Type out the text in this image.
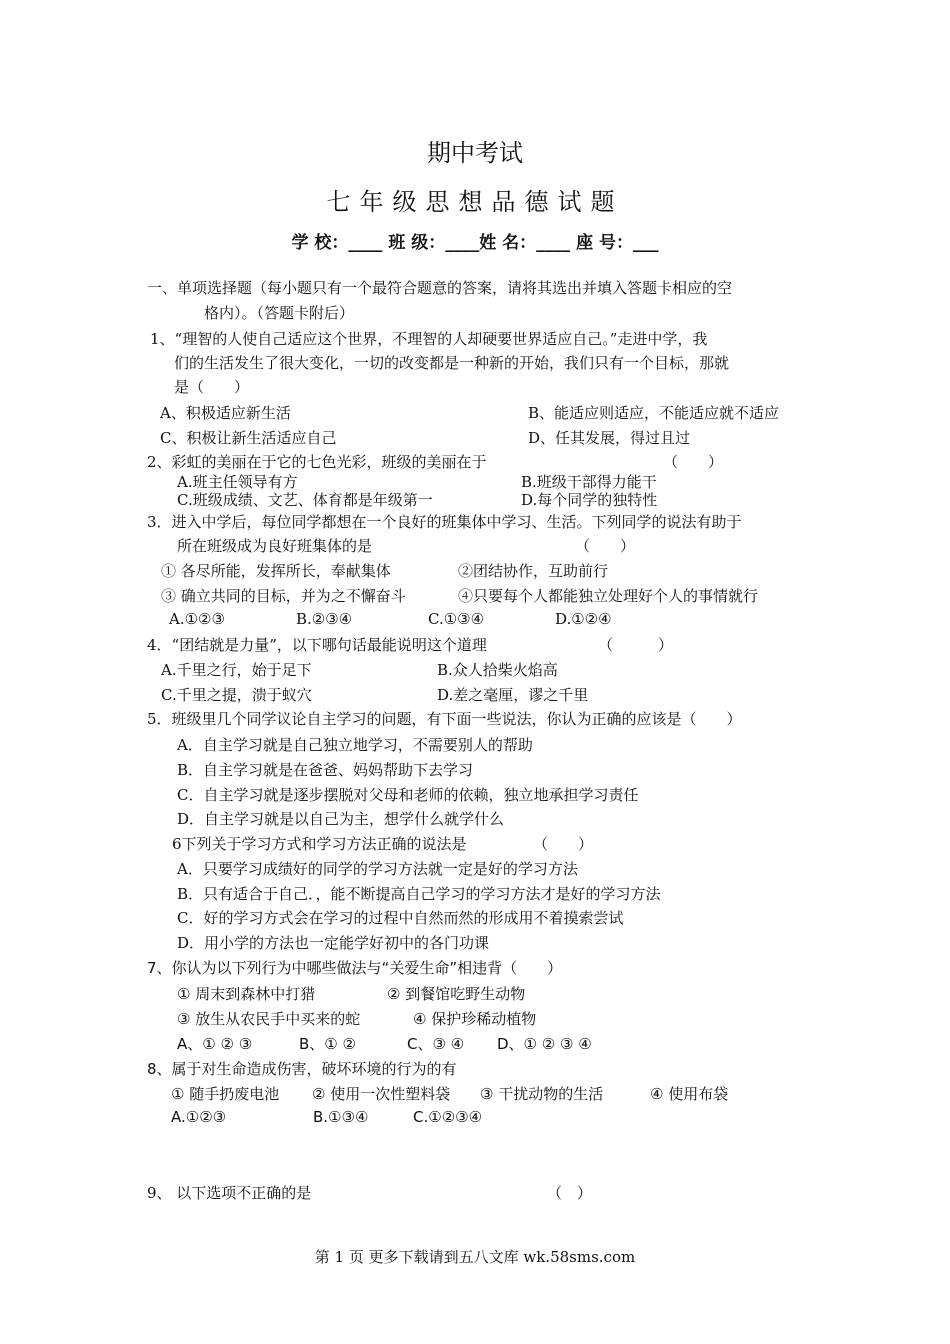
期中考试
七年级思想品德试题
学 校：____ 班 级：____姓 名：____ 座 号：___
一、单项选择题（每小题只有一个最符合题意的答案，请将其选出并填入答题卡相应的空
格内）。（答题卡附后）
1、“理智的人使自己适应这个世界，不理智的人却硬要世界适应自己。”走进中学，我
们的生活发生了很大变化，一切的改变都是一种新的开始，我们只有一个目标，那就
是（　　）
A、积极适应新生活	B、能适应则适应，不能适应就不适应
C、积极让新生活适应自己	D、任其发展，得过且过
2、彩虹的美丽在于它的七色光彩，班级的美丽在于	（　　）
A.班主任领导有方	B.班级干部得力能干
C.班级成绩、文艺、体育都是年级第一	D.每个同学的独特性
3．进入中学后，每位同学都想在一个良好的班集体中学习、生活。下列同学的说法有助于
所在班级成为良好班集体的是	（　　）
① 各尽所能，发挥所长，奉献集体	②团结协作，互助前行
③ 确立共同的目标，并为之不懈奋斗	④只要每个人都能独立处理好个人的事情就行
A.①②③	B.②③④	C.①③④	D.①②④
4．“团结就是力量”，以下哪句话最能说明这个道理	（　　　）
A.千里之行，始于足下	B.众人拾柴火焰高
C.千里之提，溃于蚁穴	D.差之毫厘，谬之千里
5．班级里几个同学议论自主学习的问题，有下面一些说法，你认为正确的应该是（　　）
A．自主学习就是自己独立地学习，不需要别人的帮助
B．自主学习就是在爸爸、妈妈帮助下去学习
C．自主学习就是逐步摆脱对父母和老师的依赖，独立地承担学习责任
D．自主学习就是以自己为主，想学什么就学什么
6下列关于学习方式和学习方法正确的说法是	（　　）
A．只要学习成绩好的同学的学习方法就一定是好的学习方法
B．只有适合于自己．，能不断提高自己学习的学习方法才是好的学习方法
C．好的学习方式会在学习的过程中自然而然的形成用不着摸索尝试
D．用小学的方法也一定能学好初中的各门功课
7、你认为以下列行为中哪些做法与“关爱生命”相违背（　　）
① 周末到森林中打猎	② 到餐馆吃野生动物
③ 放生从农民手中买来的蛇	④ 保护珍稀动植物
A、① ② ③	B、① ②	C、③ ④ D、① ② ③ ④
8、属于对生命造成伤害，破坏环境的行为的有
① 随手扔废电池 ② 使用一次性塑料袋 ③ 干扰动物的生活	④ 使用布袋
A.①②③	B.①③④	C.①②③④
9、 以下选项不正确的是	（　）
第 1 页 更多下载请到五八文库 wk.58sms.com
